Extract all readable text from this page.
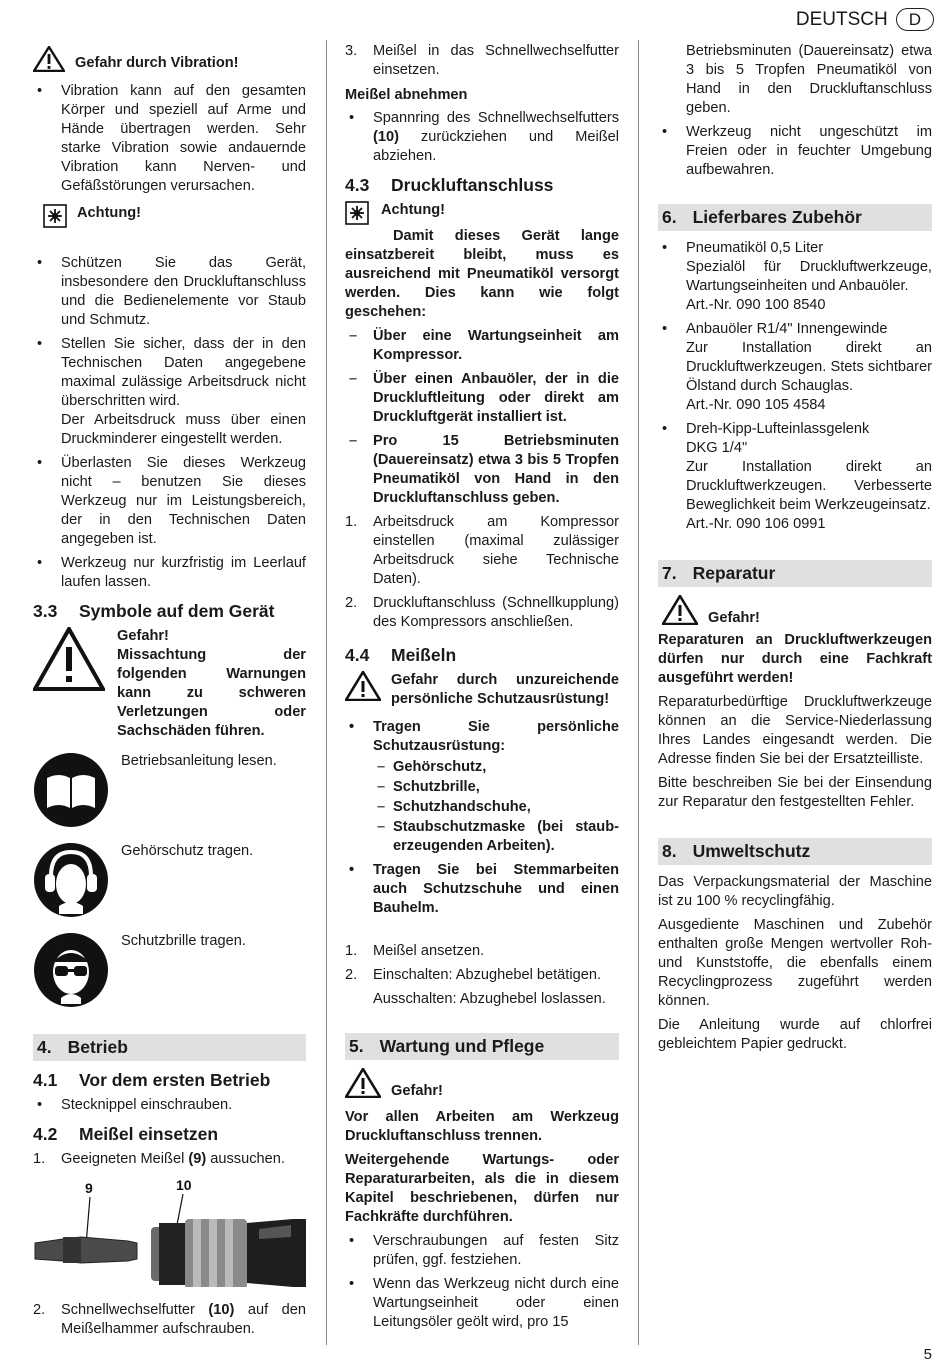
DEUTSCH	D
Gefahr durch Vibration!
• Vibration kann auf den gesamten Körper und speziell auf Arme und Hände übertragen werden. Sehr starke Vibration sowie andauernde Vibration kann Nerven- und Gefäßstörungen verursachen.
Achtung!
• Schützen Sie das Gerät, insbesondere den Druckluftanschluss und die Bedienelemente vor Staub und Schmutz.
• Stellen Sie sicher, dass der in den Technischen Daten angegebene maximal zulässige Arbeitsdruck nicht überschritten wird.
Der Arbeitsdruck muss über einen Druckminderer eingestellt werden.
• Überlasten Sie dieses Werkzeug nicht – benutzen Sie dieses Werkzeug nur im Leistungsbereich, der in den Technischen Daten angegeben ist.
• Werkzeug nur kurzfristig im Leerlauf laufen lassen.
3.3 Symbole auf dem Gerät
Gefahr!

Missachtung der folgenden Warnungen kann zu schweren Verletzungen oder Sachschäden führen.

Betriebsanleitung lesen.
Gehörschutz tragen.
Schutzbrille tragen.
4. Betrieb
4.1 Vor dem ersten Betrieb
• Stecknippel einschrauben.
4.2 Meißel einsetzen
1. Geeigneten Meißel (9) aussuchen.
9	10
2. Schnellwechselfutter (10) auf den Meißelhammer aufschrauben.
3. Meißel in das Schnellwechselfutter einsetzen.
Meißel abnehmen
• Spannring des Schnellwechselfutters (10) zurückziehen und Meißel abziehen.
4.3 Druckluftanschluss
Achtung!

Damit dieses Gerät lange einsatzbereit bleibt, muss es ausreichend mit Pneumatiköl versorgt werden. Dies kann wie folgt geschehen:

– Über eine Wartungseinheit am Kompressor.
– Über einen Anbauöler, der in die Druckluftleitung oder direkt am Druckluftgerät installiert ist.
– Pro 15 Betriebsminuten (Dauereinsatz) etwa 3 bis 5 Tropfen Pneumatiköl von Hand in den Druckluftanschluss geben.
1. Arbeitsdruck am Kompressor einstellen (maximal zulässiger Arbeitsdruck siehe Technische Daten).
2. Druckluftanschluss (Schnellkupplung) des Kompressors anschließen.
4.4 Meißeln

Gefahr durch unzureichende persönliche Schutzausrüstung!

• Tragen Sie persönliche Schutzausrüstung:
– Gehörschutz,
– Schutzbrille,
– Schutzhandschuhe,
– Staubschutzmaske (bei stauberzeugenden Arbeiten).
• Tragen Sie bei Stemmarbeiten auch Schutzschuhe und einen Bauhelm.
1. Meißel ansetzen.
2. Einschalten: Abzughebel betätigen.
Ausschalten: Abzughebel loslassen.
5. Wartung und Pflege
Gefahr!

Vor allen Arbeiten am Werkzeug Druckluftanschluss trennen.

Weitergehende Wartungs- oder Reparaturarbeiten, als die in diesem Kapitel beschriebenen, dürfen nur Fachkräfte durchführen.

• Verschraubungen auf festen Sitz prüfen, ggf. festziehen.
• Wenn das Werkzeug nicht durch eine Wartungseinheit oder einen Leitungsöler geölt wird, pro 15

Betriebsminuten (Dauereinsatz) etwa 3 bis 5 Tropfen Pneumatiköl von Hand in den Druckluftanschluss geben.

• Werkzeug nicht ungeschützt im Freien oder in feuchter Umgebung aufbewahren.
6. Lieferbares Zubehör
• Pneumatiköl 0,5 Liter
Spezialöl für Druckluftwerkzeuge, Wartungseinheiten und Anbauöler.
Art.-Nr. 090 100 8540
• Anbauöler R1/4" Innengewinde
Zur Installation direkt an Druckluftwerkzeugen. Stets sichtbarer Ölstand durch Schauglas.
Art.-Nr. 090 105 4584
• Dreh-Kipp-Lufteinlassgelenk
DKG 1/4"
Zur Installation direkt an Druckluftwerkzeugen. Verbesserte Beweglichkeit beim Werkzeugeinsatz.
Art.-Nr. 090 106 0991
7. Reparatur
Gefahr!

Reparaturen an Druckluftwerkzeugen dürfen nur durch eine Fachkraft ausgeführt werden!

Reparaturbedürftige Druckluftwerkzeuge können an die Service-Niederlassung Ihres Landes eingesandt werden. Die Adresse finden Sie bei der Ersatzteilliste.

Bitte beschreiben Sie bei der Einsendung zur Reparatur den festgestellten Fehler.

8. Umweltschutz

Das Verpackungsmaterial der Maschine ist zu 100 % recyclingfähig.

Ausgediente Maschinen und Zubehör enthalten große Mengen wertvoller Roh- und Kunststoffe, die ebenfalls einem Recyclingprozess zugeführt werden können.

Die Anleitung wurde auf chlorfrei gebleichtem Papier gedruckt.

5
